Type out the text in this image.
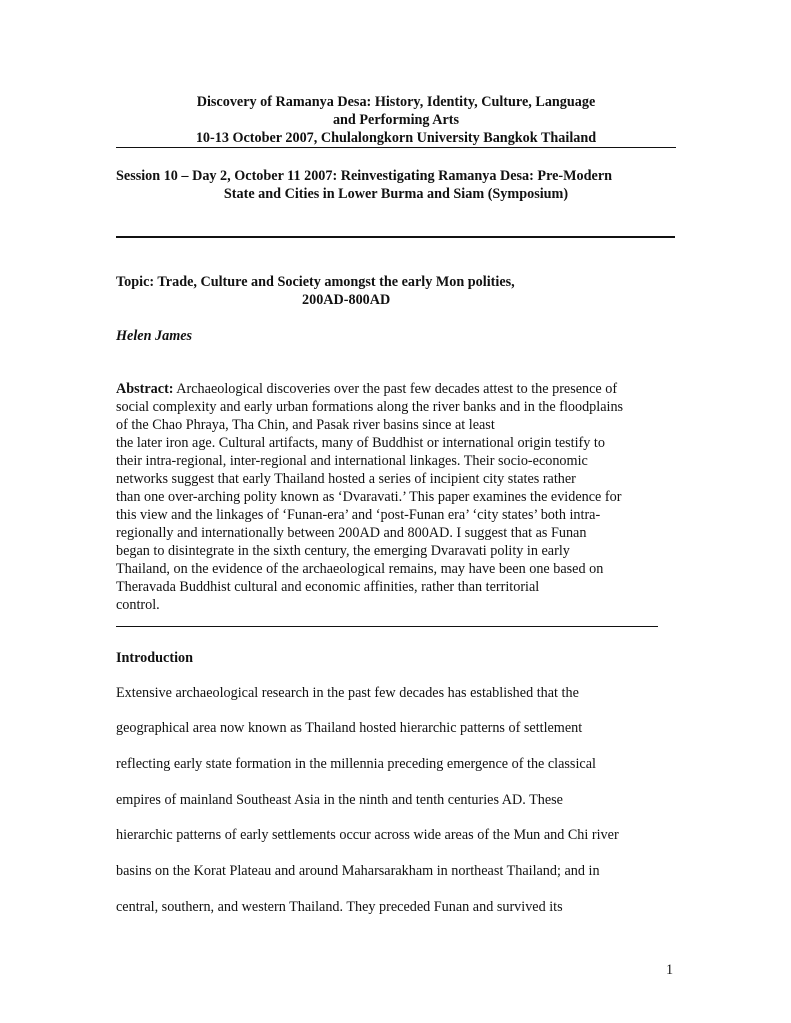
Discovery of Ramanya Desa: History, Identity, Culture, Language
and Performing Arts
10-13 October 2007, Chulalongkorn University Bangkok Thailand
Session 10 – Day 2, October 11 2007: Reinvestigating Ramanya Desa: Pre-Modern
State and Cities in Lower Burma and Siam (Symposium)
Topic: Trade, Culture and Society amongst the early Mon polities,
200AD-800AD
Helen James
Abstract: Archaeological discoveries over the past few decades attest to the presence of
social complexity and early urban formations along the river banks and in the floodplains
of the Chao Phraya, Tha Chin, and Pasak river basins since at least
the later iron age. Cultural artifacts, many of Buddhist or international origin testify to
their intra-regional, inter-regional and international linkages. Their socio-economic
networks suggest that early Thailand hosted a series of incipient city states rather
than one over-arching polity known as ‘Dvaravati.’ This paper examines the evidence for
this view and the linkages of ‘Funan-era’ and ‘post-Funan era’ ‘city states’ both intra-
regionally and internationally between 200AD and 800AD. I suggest that as Funan
began to disintegrate in the sixth century, the emerging Dvaravati polity in early
Thailand, on the evidence of the archaeological remains, may have been one based on
Theravada Buddhist cultural and economic affinities, rather than territorial
control.
Introduction
Extensive archaeological research in the past few decades has established that the
geographical area now known as Thailand hosted hierarchic patterns of settlement
reflecting early state formation in the millennia preceding emergence of the classical
empires of mainland Southeast Asia in the ninth and tenth centuries AD. These
hierarchic patterns of early settlements occur across wide areas of the Mun and Chi river
basins on the Korat Plateau and around Maharsarakham in northeast Thailand; and in
central, southern, and western Thailand. They preceded Funan and survived its
1
